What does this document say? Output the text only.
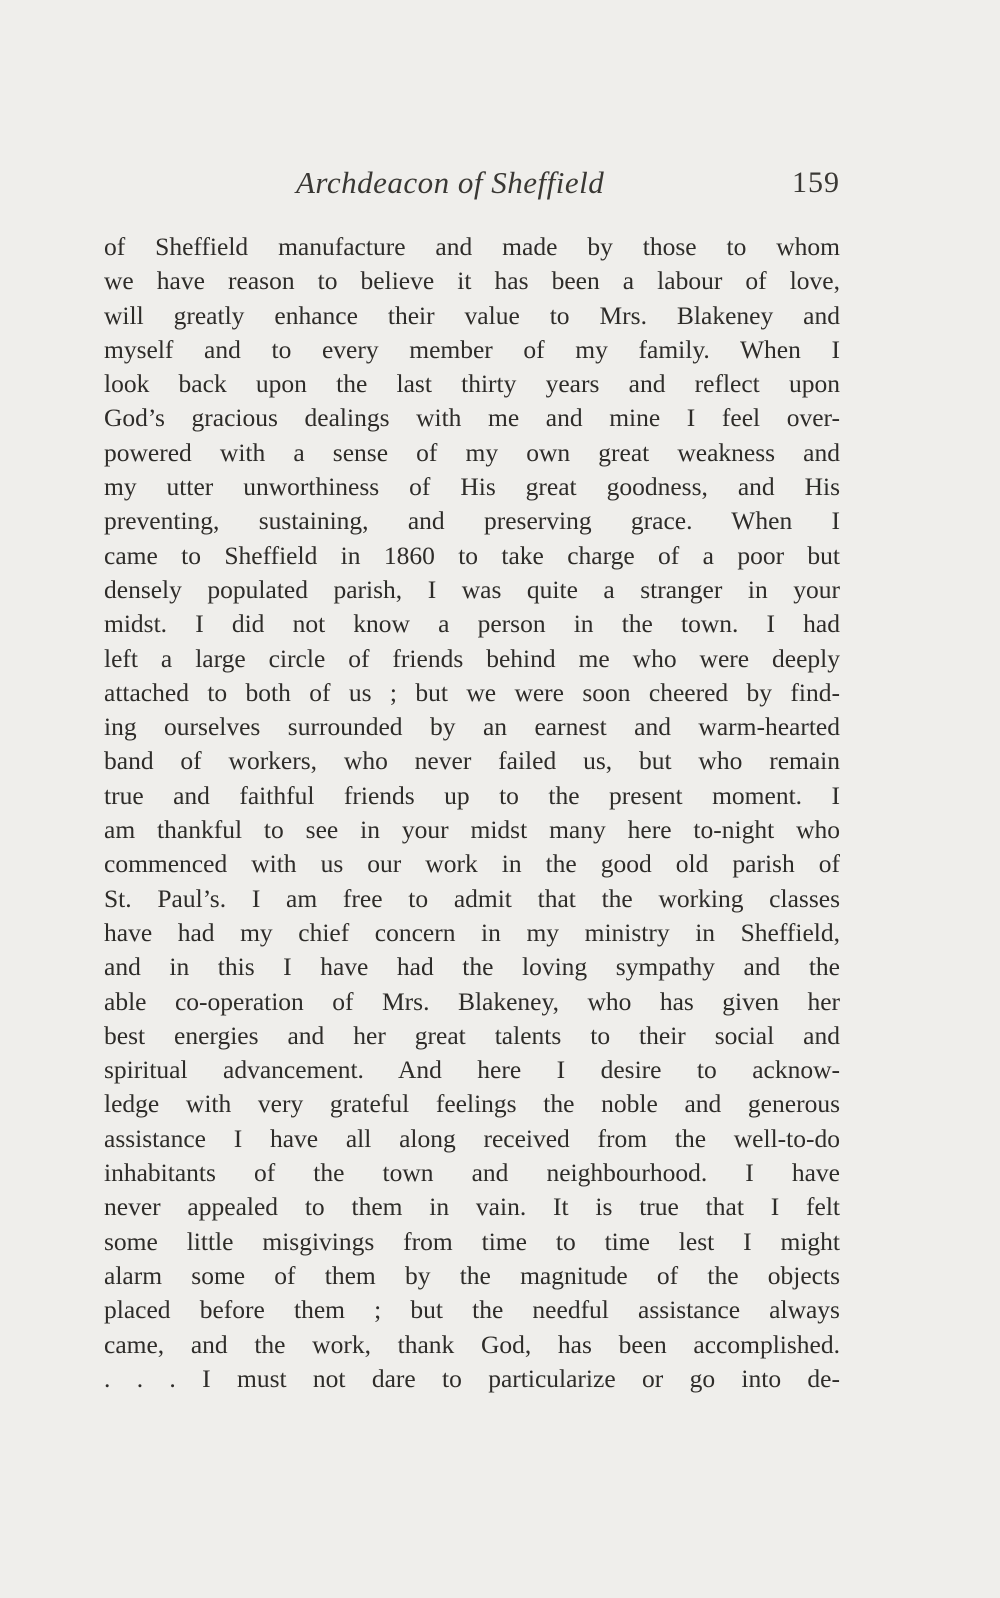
Archdeacon of Sheffield	159
of Sheffield manufacture and made by those to whom
we have reason to believe it has been a labour of love,
will greatly enhance their value to Mrs. Blakeney and
myself and to every member of my family. When I
look back upon the last thirty years and reflect upon
God’s gracious dealings with me and mine I feel over-
powered with a sense of my own great weakness and
my utter unworthiness of His great goodness, and His
preventing, sustaining, and preserving grace. When I
came to Sheffield in 1860 to take charge of a poor but
densely populated parish, I was quite a stranger in your
midst. I did not know a person in the town. I had
left a large circle of friends behind me who were deeply
attached to both of us ; but we were soon cheered by find-
ing ourselves surrounded by an earnest and warm-hearted
band of workers, who never failed us, but who remain
true and faithful friends up to the present moment. I
am thankful to see in your midst many here to-night who
commenced with us our work in the good old parish of
St. Paul’s. I am free to admit that the working classes
have had my chief concern in my ministry in Sheffield,
and in this I have had the loving sympathy and the
able co-operation of Mrs. Blakeney, who has given her
best energies and her great talents to their social and
spiritual advancement. And here I desire to acknow-
ledge with very grateful feelings the noble and generous
assistance I have all along received from the well-to-do
inhabitants of the town and neighbourhood. I have
never appealed to them in vain. It is true that I felt
some little misgivings from time to time lest I might
alarm some of them by the magnitude of the objects
placed before them ; but the needful assistance always
came, and the work, thank God, has been accomplished.
. . . I must not dare to particularize or go into de-
